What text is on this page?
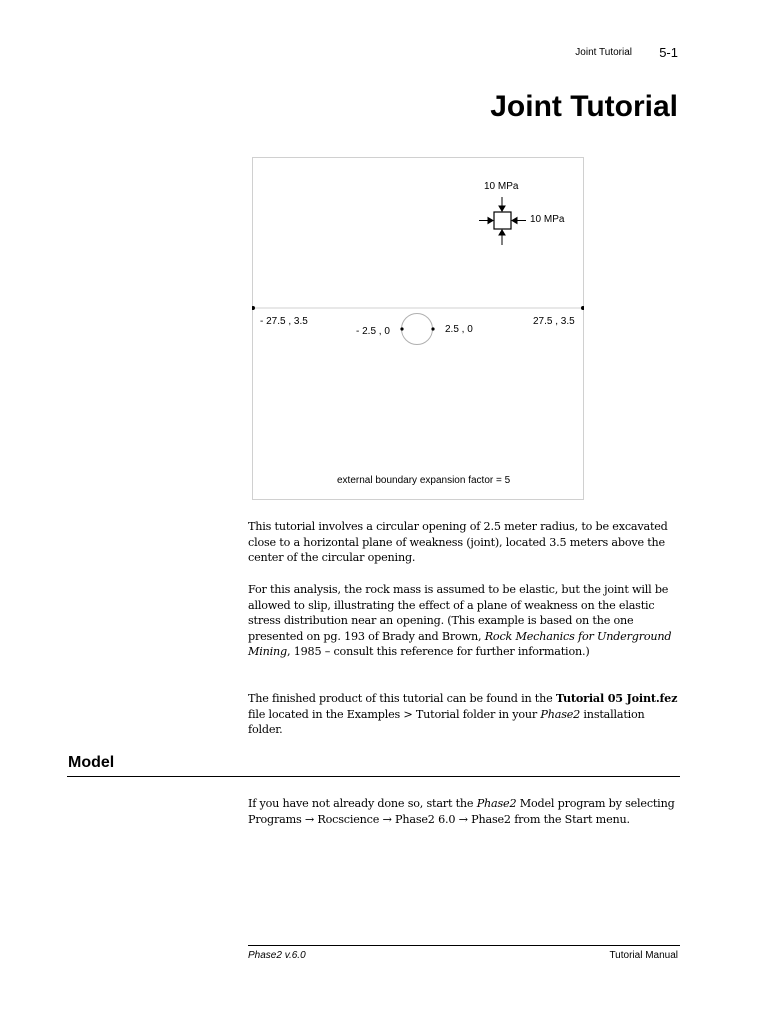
Joint Tutorial	5-1
Joint Tutorial
10 MPa
10 MPa
- 27.5 , 3.5	27.5 , 3.5
- 2.5 , 0	2.5 , 0
external boundary expansion factor = 5

This tutorial involves a circular opening of 2.5 meter radius, to be excavated close to a horizontal plane of weakness (joint), located 3.5 meters above the center of the circular opening.

For this analysis, the rock mass is assumed to be elastic, but the joint will be allowed to slip, illustrating the effect of a plane of weakness on the elastic stress distribution near an opening. (This example is based on the one presented on pg. 193 of Brady and Brown, Rock Mechanics for Underground Mining, 1985 – consult this reference for further information.)

The finished product of this tutorial can be found in the Tutorial 05 Joint.fez file located in the Examples > Tutorial folder in your Phase2 installation folder.

Model

If you have not already done so, start the Phase2 Model program by selecting Programs → Rocscience → Phase2 6.0 → Phase2 from the Start menu.

Phase2 v.6.0	Tutorial Manual
